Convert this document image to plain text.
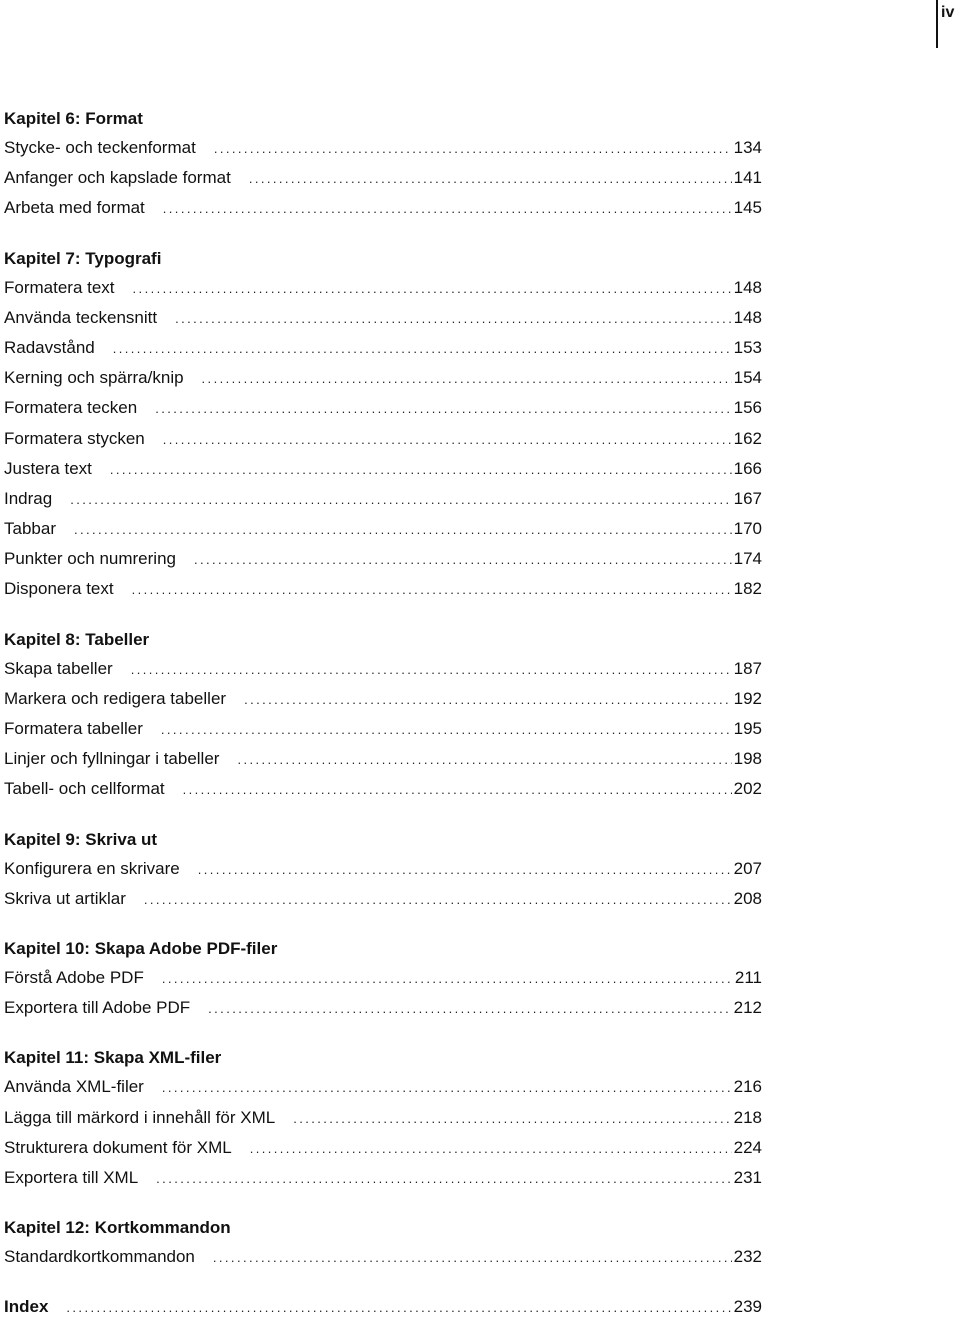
iv
Kapitel 6: Format
Stycke- och teckenformat .....	134
Anfanger och kapslade format .....	141
Arbeta med format .....	145
Kapitel 7: Typografi
Formatera text .....	148
Använda teckensnitt .....	148
Radavstånd .....	153
Kerning och spärra/knip .....	154
Formatera tecken .....	156
Formatera stycken .....	162
Justera text .....	166
Indrag .....	167
Tabbar .....	170
Punkter och numrering .....	174
Disponera text .....	182
Kapitel 8: Tabeller
Skapa tabeller .....	187
Markera och redigera tabeller .....	192
Formatera tabeller .....	195
Linjer och fyllningar i tabeller .....	198
Tabell- och cellformat .....	202
Kapitel 9: Skriva ut
Konfigurera en skrivare .....	207
Skriva ut artiklar .....	208
Kapitel 10: Skapa Adobe PDF-filer
Förstå Adobe PDF .....	211
Exportera till Adobe PDF .....	212
Kapitel 11: Skapa XML-filer
Använda XML-filer .....	216
Lägga till märkord i innehåll för XML .....	218
Strukturera dokument för XML .....	224
Exportera till XML .....	231
Kapitel 12: Kortkommandon
Standardkortkommandon .....	232
Index .....	239
